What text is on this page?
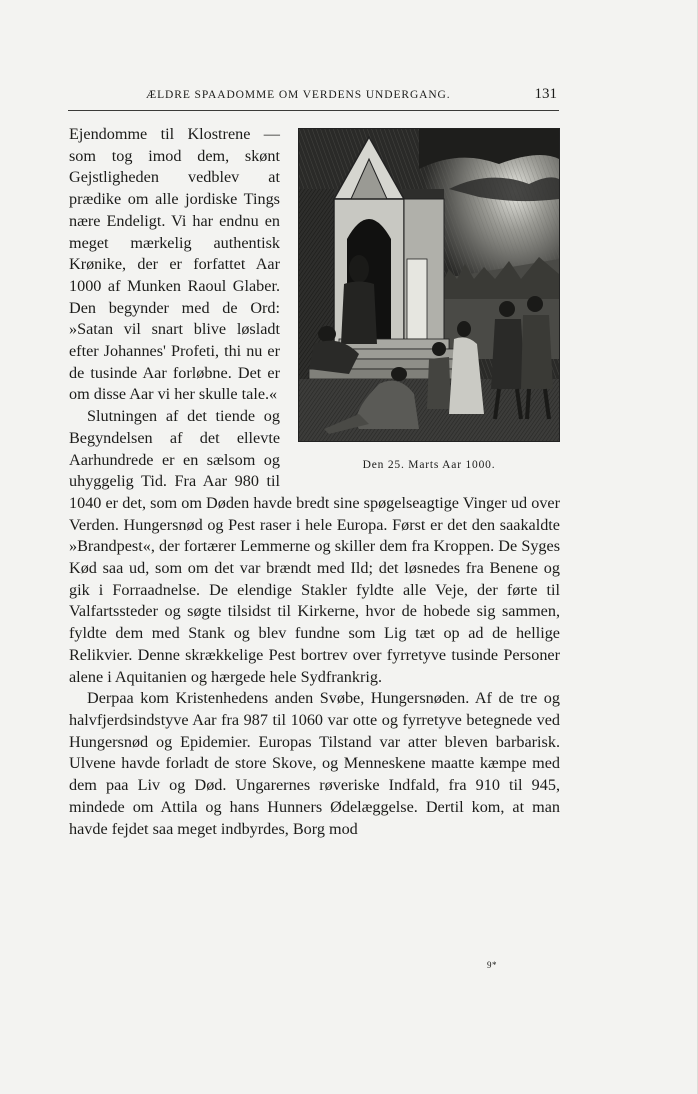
ÆLDRE SPAADOMME OM VERDENS UNDERGANG.	131
Den 25. Marts Aar 1000.

Ejendomme til Klostrene — som tog imod dem, skønt Gejstligheden vedblev at prædike om alle jordiske Tings nære Endeligt. Vi har endnu en meget mærkelig authentisk Krønike, der er forfattet Aar 1000 af Munken Raoul Glaber. Den begynder med de Ord: »Satan vil snart blive løsladt efter Johannes' Profeti, thi nu er de tusinde Aar forløbne. Det er om disse Aar vi her skulle tale.«

Slutningen af det tiende og Begyndelsen af det ellevte Aarhundrede er en sælsom og uhyggelig Tid. Fra Aar 980 til 1040 er det, som om Døden havde bredt sine spøgelseagtige Vinger ud over Verden. Hungersnød og Pest raser i hele Europa. Først er det den saakaldte »Brandpest«, der fortærer Lemmerne og skiller dem fra Kroppen. De Syges Kød saa ud, som om det var brændt med Ild; det løsnedes fra Benene og gik i Forraadnelse. De elendige Stakler fyldte alle Veje, der førte til Valfartssteder og søgte tilsidst til Kirkerne, hvor de hobede sig sammen, fyldte dem med Stank og blev fundne som Lig tæt op ad de hellige Relikvier. Denne skrækkelige Pest bortrev over fyrretyve tusinde Personer alene i Aquitanien og hærgede hele Sydfrankrig.

Derpaa kom Kristenhedens anden Svøbe, Hungersnøden. Af de tre og halvfjerdsindstyve Aar fra 987 til 1060 var otte og fyrretyve betegnede ved Hungersnød og Epidemier. Europas Tilstand var atter bleven barbarisk. Ulvene havde forladt de store Skove, og Menneskene maatte kæmpe med dem paa Liv og Død. Ungarernes røveriske Indfald, fra 910 til 945, mindede om Attila og hans Hunners Ødelæggelse. Dertil kom, at man havde fejdet saa meget indbyrdes, Borg mod

9*
